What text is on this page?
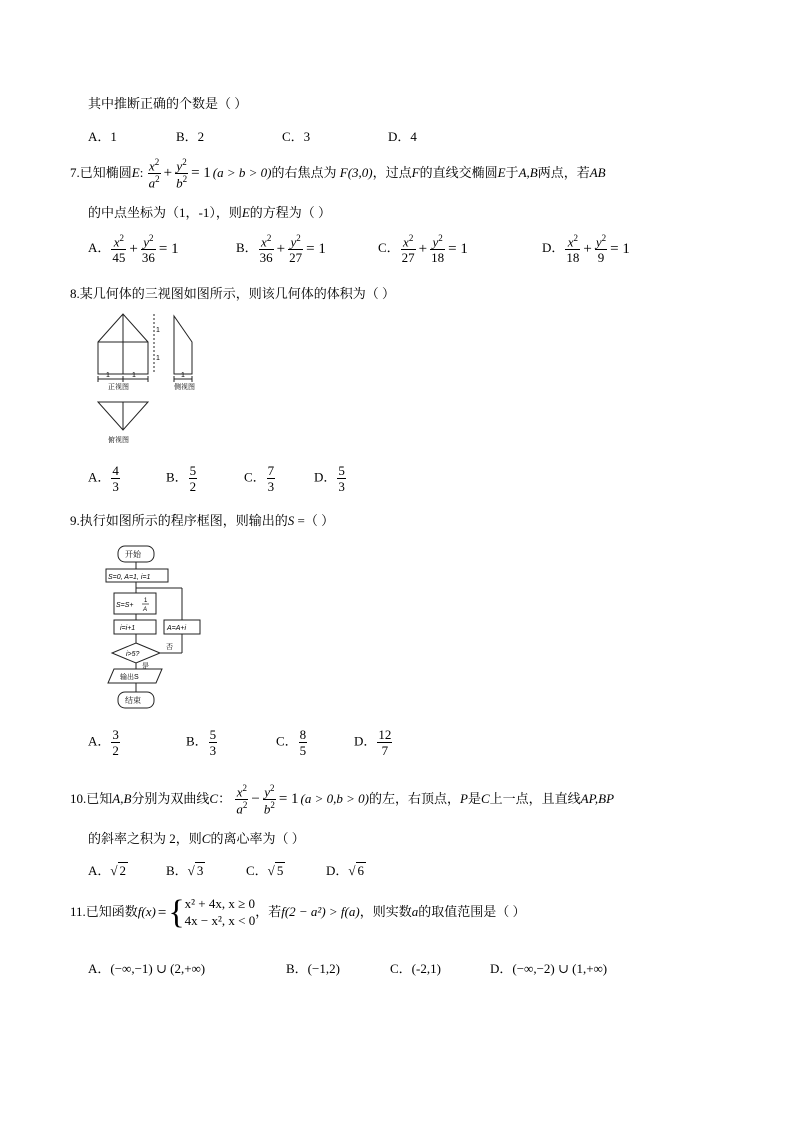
其中推断正确的个数是（ ）
A．1	B．2	C．3	D．4
7.已知椭圆E: $\frac{x^2}{a^2} + \frac{y^2}{b^2} = 1$ (a > b > 0)的右焦点为 F(3,0)，过点F的直线交椭圆E于A,B两点，若AB
的中点坐标为（1，-1），则E的方程为（ ）
A． $\frac{x^2}{45} + \frac{y^2}{36} = 1$	B． $\frac{x^2}{36} + \frac{y^2}{27} = 1$	C． $\frac{x^2}{27} + \frac{y^2}{18} = 1$	D． $\frac{x^2}{18} + \frac{y^2}{9} = 1$
8.某几何体的三视图如图所示，则该几何体的体积为（ ）
1	1
1
1
正视图
1
侧视图
俯视图
A． $\frac{4}{3}$	B． $\frac{5}{2}$	C． $\frac{7}{3}$	D． $\frac{5}{3}$
9.执行如图所示的程序框图，则输出的S =（ ）
开始
S=0, A=1, i=1
S=S+
1
A
i=i+1	A=A+i
i>5?
是
否
输出S
结束
A． $\frac{3}{2}$	B． $\frac{5}{3}$	C． $\frac{8}{5}$	D． $\frac{12}{7}$
10.已知A,B分别为双曲线C： $\frac{x^2}{a^2} - \frac{y^2}{b^2} = 1$ (a > 0,b > 0)的左，右顶点，P是C上一点，且直线AP,BP
的斜率之积为 2，则C的离心率为（ ）
A．√ 2	B．√ 3	C．√ 5	D．√ 6
11.已知函数f(x) ={ x² + 4x, x ≥ 0
4x − x², x < 0
，若f(2 − a²) > f(a)，则实数a的取值范围是（ ）
A．(−∞,−1) ∪ (2,+∞)	B．(−1,2)	C．(-2,1)	D．(−∞,−2) ∪ (1,+∞)
